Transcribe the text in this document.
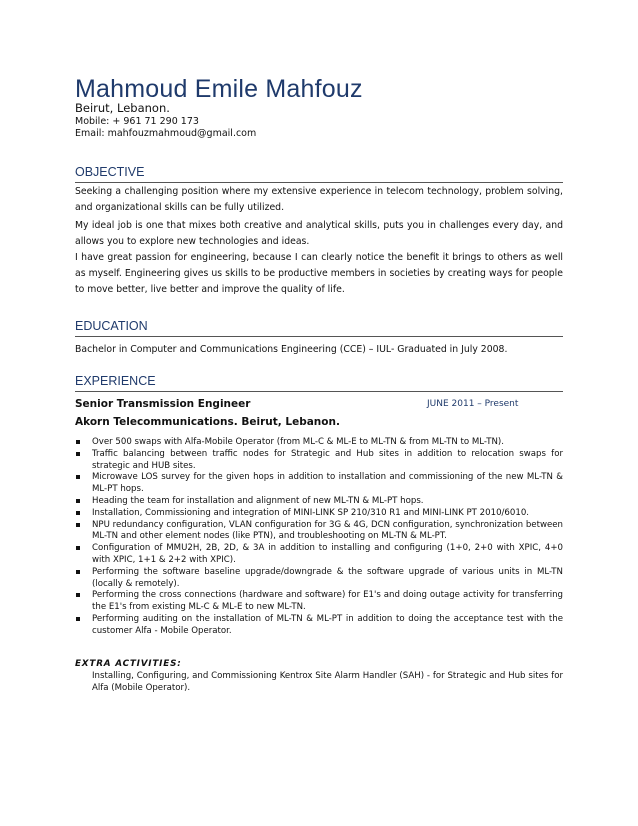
Mahmoud Emile Mahfouz
Beirut, Lebanon.
Mobile: + 961 71 290 173
Email: mahfouzmahmoud@gmail.com
OBJECTIVE
Seeking a challenging position where my extensive experience in telecom technology, problem solving, and organizational skills can be fully utilized.
My ideal job is one that mixes both creative and analytical skills, puts you in challenges every day, and allows you to explore new technologies and ideas.
I have great passion for engineering, because I can clearly notice the benefit it brings to others as well as myself. Engineering gives us skills to be productive members in societies by creating ways for people to move better, live better and improve the quality of life.
EDUCATION
Bachelor in Computer and Communications Engineering (CCE) – IUL- Graduated in July 2008.
EXPERIENCE
Senior Transmission Engineer	JUNE 2011 – Present
Akorn Telecommunications. Beirut, Lebanon.
Over 500 swaps with Alfa-Mobile Operator (from ML-C & ML-E to ML-TN & from ML-TN to ML-TN).
Traffic balancing between traffic nodes for Strategic and Hub sites in addition to relocation swaps for strategic and HUB sites.
Microwave LOS survey for the given hops in addition to installation and commissioning of the new ML-TN & ML-PT hops.
Heading the team for installation and alignment of new ML-TN & ML-PT hops.
Installation, Commissioning and integration of MINI-LINK SP 210/310 R1 and MINI-LINK PT 2010/6010.
NPU redundancy configuration, VLAN configuration for 3G & 4G, DCN configuration, synchronization between ML-TN and other element nodes (like PTN), and troubleshooting on ML-TN & ML-PT.
Configuration of MMU2H, 2B, 2D, & 3A in addition to installing and configuring (1+0, 2+0 with XPIC, 4+0 with XPIC, 1+1 & 2+2 with XPIC).
Performing the software baseline upgrade/downgrade & the software upgrade of various units in ML-TN (locally & remotely).
Performing the cross connections (hardware and software) for E1's and doing outage activity for transferring the E1's from existing ML-C & ML-E to new ML-TN.
Performing auditing on the installation of ML-TN & ML-PT in addition to doing the acceptance test with the customer Alfa - Mobile Operator.
EXTRA ACTIVITIES:
Installing, Configuring, and Commissioning Kentrox Site Alarm Handler (SAH) - for Strategic and Hub sites for Alfa (Mobile Operator).
